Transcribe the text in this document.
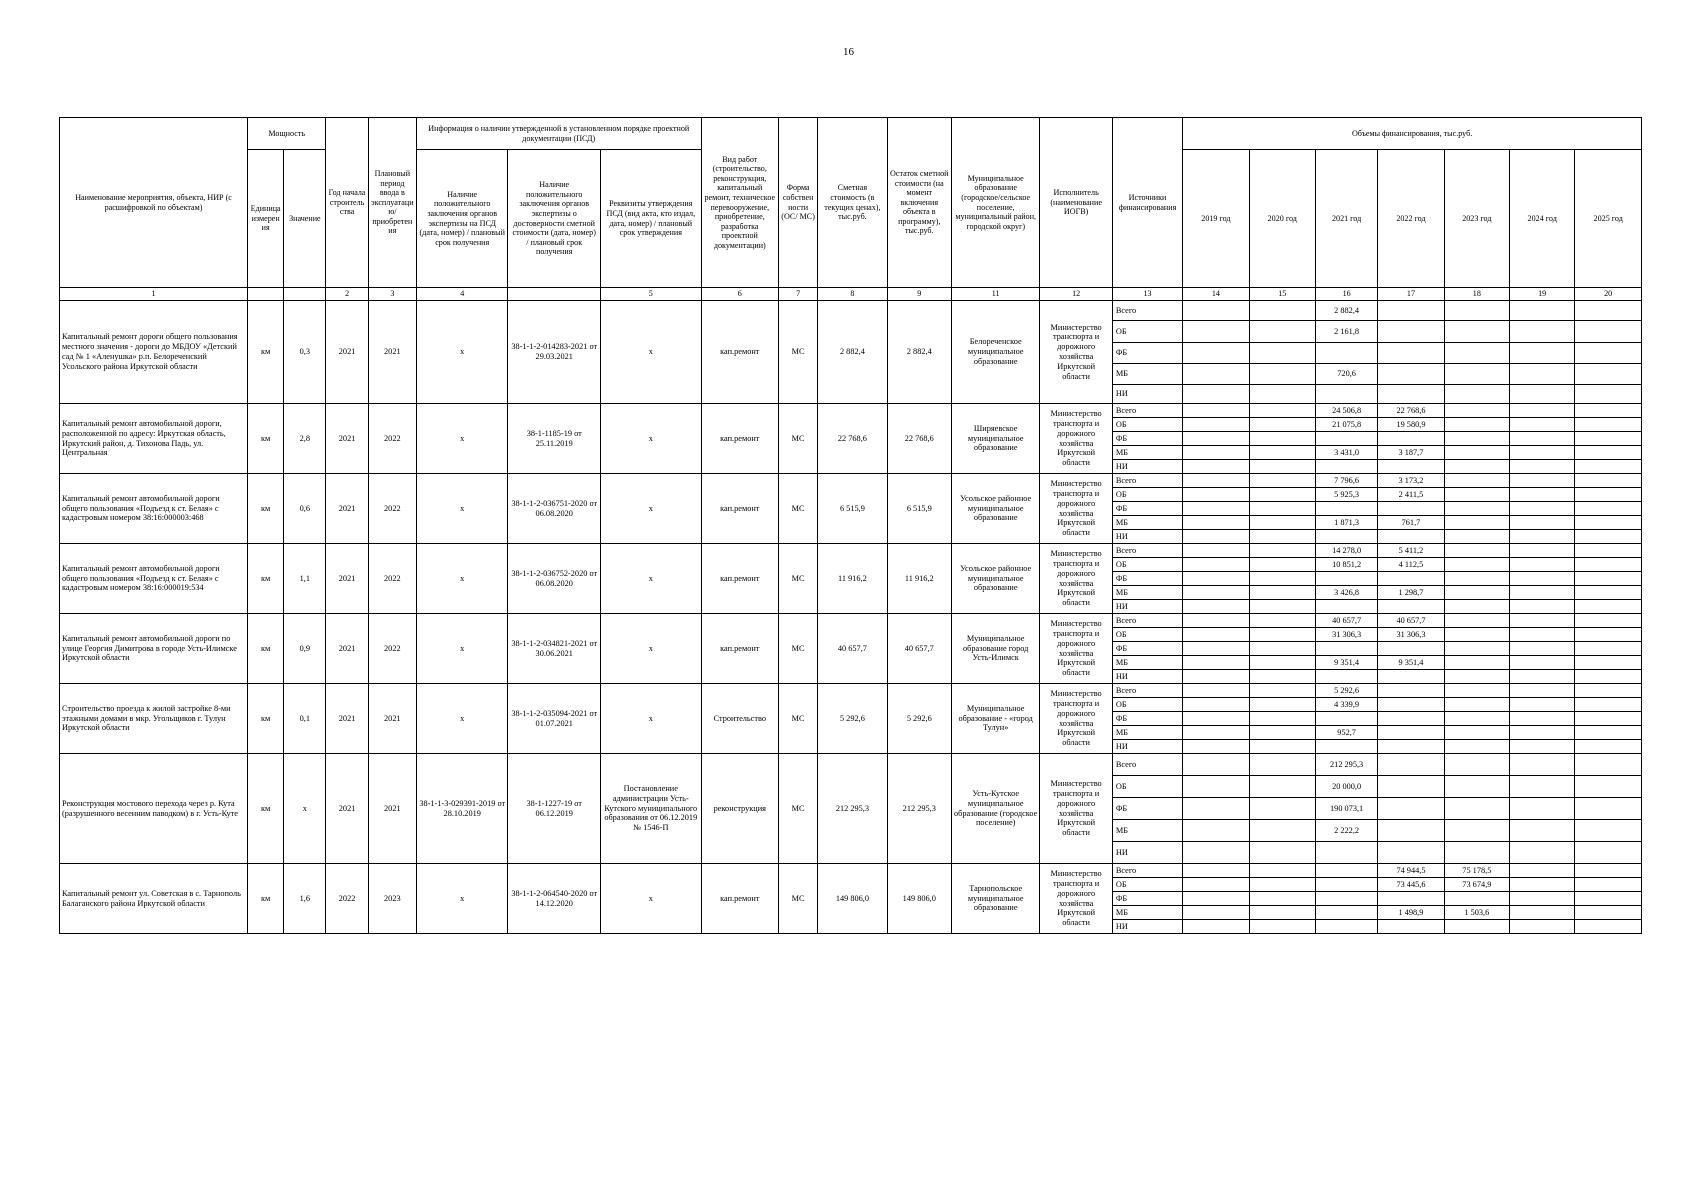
16
Наименование мероприятия, объекта, НИР (с расшифровкой по объектам)	Мощность		Год начала строительства	Плановый период ввода в эксплуатацию/приобретения	Информация о наличии утвержденной в установленном порядке проектной документации (ПСД)			Вид работ (строительство, реконструкция, капитальный ремонт, техническое перевооружение, приобретение, разработка проектной документации)	Форма собственности (ОС/ МС)	Сметная стоимость (в текущих ценах), тыс.руб.	Остаток сметной стоимости (на момент включения объекта в программу), тыс.руб.	Муниципальное образование (городское/сельское поселение, муниципальный район, городской округ)	Исполнитель (наименование ИОГВ)	Источники финансирования	Объемы финансирования, тыс.руб.						
	Единица измерения	Значение			Наличие положительного заключения органов экспертизы на ПСД (дата, номер) / плановый срок получения	Наличие положительного заключения органов экспертизы о достоверности сметной стоимости (дата, номер) / плановый срок получения	Реквизиты утверждения ПСД (вид акта, кто издал, дата, номер) / плановый срок утверждения								2019 год	2020 год	2021 год	2022 год	2023 год	2024 год	2025 год
1			2	3	4		5	6	7	8	9	11	12	13	14	15	16	17	18	19	20
Капитальный ремонт дороги общего пользования местного значения - дороги до МБДОУ «Детский сад № 1 «Аленушка» р.п. Белореченский Усольского района Иркутской области	км	0,3	2021	2021	х	38-1-1-2-014283-2021 от 29.03.2021	х	кап.ремонт	МС	2 882,4	2 882,4	Белореченское муниципальное образование	Министерство транспорта и дорожного хозяйства Иркутской области	Всего			2 882,4				
														ОБ			2 161,8				
														ФБ							
														МБ			720,6				
														НИ							
Капитальный ремонт автомобильной дороги, расположенной по адресу: Иркутская область, Иркутский район, д. Тихонова Падь, ул. Центральная	км	2,8	2021	2022	х	38-1-1185-19 от 25.11.2019	х	кап.ремонт	МС	22 768,6	22 768,6	Ширяевское муниципальное образование	Министерство транспорта и дорожного хозяйства Иркутской области	Всего			24 506,8	22 768,6			
														ОБ			21 075,8	19 580,9			
														ФБ							
														МБ			3 431,0	3 187,7			
														НИ							
Капитальный ремонт автомобильной дороги общего пользования «Подъезд к ст. Белая» с кадастровым номером 38:16:000003:468	км	0,6	2021	2022	х	38-1-1-2-036751-2020 от 06.08.2020	х	кап.ремонт	МС	6 515,9	6 515,9	Усольское районное муниципальное образование	Министерство транспорта и дорожного хозяйства Иркутской области	Всего			7 796,6	3 173,2			
														ОБ			5 925,3	2 411,5			
														ФБ							
														МБ			1 871,3	761,7			
														НИ							
Капитальный ремонт автомобильной дороги общего пользования «Подъезд к ст. Белая» с кадастровым номером 38:16:000019:534	км	1,1	2021	2022	х	38-1-1-2-036752-2020 от 06.08.2020	х	кап.ремонт	МС	11 916,2	11 916,2	Усольское районное муниципальное образование	Министерство транспорта и дорожного хозяйства Иркутской области	Всего			14 278,0	5 411,2			
														ОБ			10 851,2	4 112,5			
														ФБ							
														МБ			3 426,8	1 298,7			
														НИ							
Капитальный ремонт автомобильной дороги по улице Георгия Димитрова в городе Усть-Илимске Иркутской области	км	0,9	2021	2022	х	38-1-1-2-034821-2021 от 30.06.2021	х	кап.ремонт	МС	40 657,7	40 657,7	Муниципальное образование город Усть-Илимск	Министерство транспорта и дорожного хозяйства Иркутской области	Всего			40 657,7	40 657,7			
														ОБ			31 306,3	31 306,3			
														ФБ							
														МБ			9 351,4	9 351,4			
														НИ							
Строительство проезда к жилой застройке 8-ми этажными домами в мкр. Угольщиков г. Тулун Иркутской области	км	0,1	2021	2021	х	38-1-1-2-035094-2021 от 01.07.2021	х	Строительство	МС	5 292,6	5 292,6	Муниципальное образование - «город Тулун»	Министерство транспорта и дорожного хозяйства Иркутской области	Всего			5 292,6				
														ОБ			4 339,9				
														ФБ							
														МБ			952,7				
														НИ							
Реконструкция мостового перехода через р. Кута (разрушенного весенним паводком) в г. Усть-Куте	км	х	2021	2021	38-1-1-3-029391-2019 от 28.10.2019	38-1-1227-19 от 06.12.2019	Постановление администрации Усть-Кутского муниципального образования от 06.12.2019 № 1546-П	реконструкция	МС	212 295,3	212 295,3	Усть-Кутское муниципальное образование (городское поселение)	Министерство транспорта и дорожного хозяйства Иркутской области	Всего			212 295,3				
														ОБ			20 000,0				
														ФБ			190 073,1				
														МБ			2 222,2				
														НИ							
Капитальный ремонт ул. Советская в с. Тарнополь Балаганского района Иркутской области	км	1,6	2022	2023	х	38-1-1-2-064540-2020 от 14.12.2020	х	кап.ремонт	МС	149 806,0	149 806,0	Тарнопольское муниципальное образование	Министерство транспорта и дорожного хозяйства Иркутской области	Всего				74 944,5	75 178,5		
														ОБ				73 445,6	73 674,9		
														ФБ							
														МБ				1 498,9	1 503,6		
														НИ							
